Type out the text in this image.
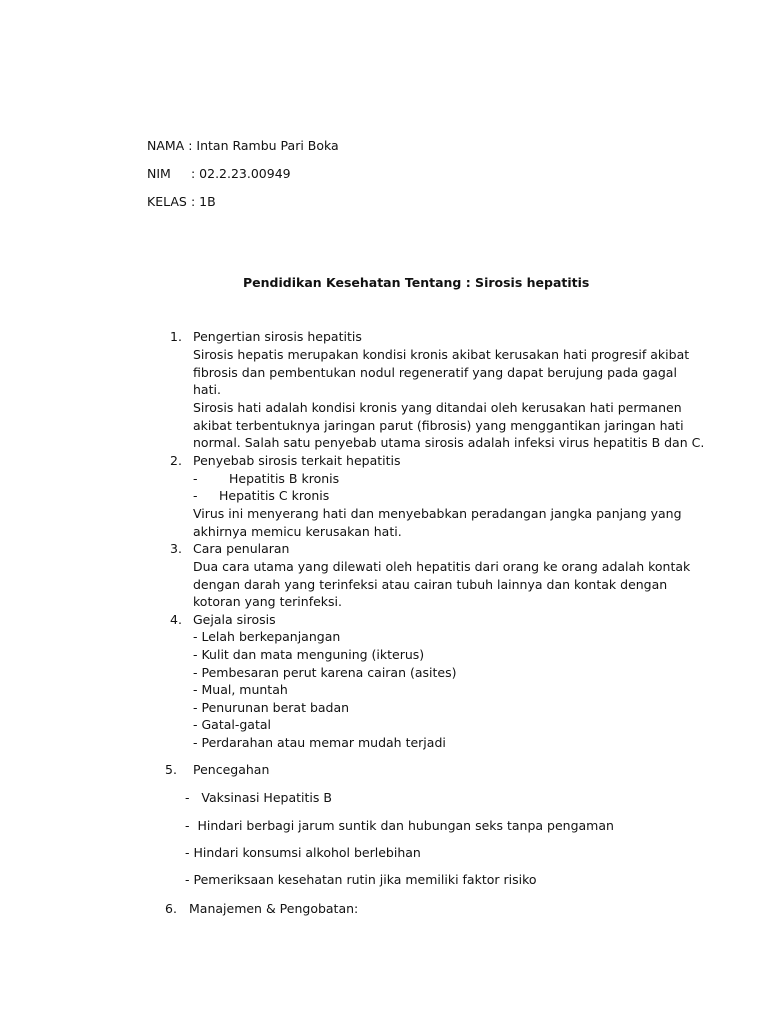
NAMA : Intan Rambu Pari Boka
NIM : 02.2.23.00949
KELAS : 1B
Pendidikan Kesehatan Tentang : Sirosis hepatitis
1. Pengertian sirosis hepatitis
Sirosis hepatis merupakan kondisi kronis akibat kerusakan hati progresif akibat
fibrosis dan pembentukan nodul regeneratif yang dapat berujung pada gagal
hati.
Sirosis hati adalah kondisi kronis yang ditandai oleh kerusakan hati permanen
akibat terbentuknya jaringan parut (fibrosis) yang menggantikan jaringan hati
normal. Salah satu penyebab utama sirosis adalah infeksi virus hepatitis B dan C.
2. Penyebab sirosis terkait hepatitis
-	Hepatitis B kronis
- Hepatitis C kronis
Virus ini menyerang hati dan menyebabkan peradangan jangka panjang yang
akhirnya memicu kerusakan hati.
3. Cara penularan
Dua cara utama yang dilewati oleh hepatitis dari orang ke orang adalah kontak
dengan darah yang terinfeksi atau cairan tubuh lainnya dan kontak dengan
kotoran yang terinfeksi.
4. Gejala sirosis
- Lelah berkepanjangan
- Kulit dan mata menguning (ikterus)
- Pembesaran perut karena cairan (asites)
- Mual, muntah
- Penurunan berat badan
- Gatal-gatal
- Perdarahan atau memar mudah terjadi
5. Pencegahan
-   Vaksinasi Hepatitis B
-  Hindari berbagi jarum suntik dan hubungan seks tanpa pengaman
- Hindari konsumsi alkohol berlebihan
- Pemeriksaan kesehatan rutin jika memiliki faktor risiko
6. Manajemen & Pengobatan:
